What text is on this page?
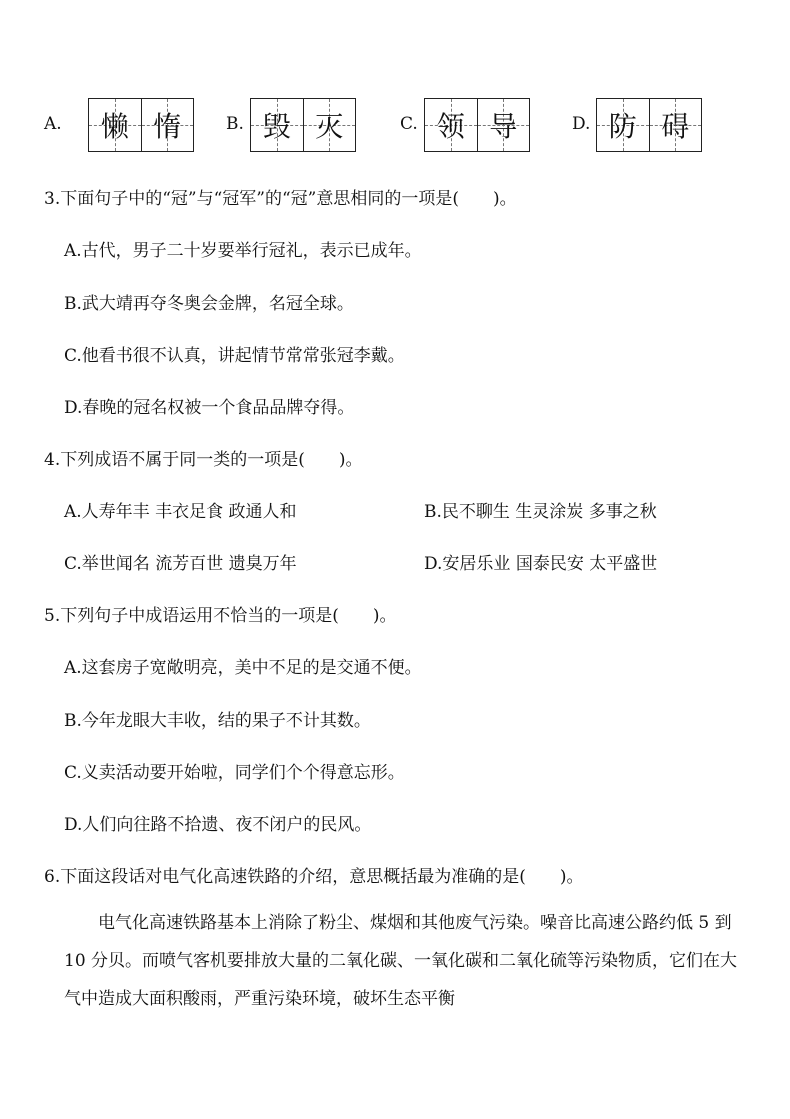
A. 懒 惰	B. 毁 灭	C. 领 导	D. 防 碍
3.下面句子中的“冠”与“冠军”的“冠”意思相同的一项是(　　)。
A.古代，男子二十岁要举行冠礼，表示已成年。
B.武大靖再夺冬奥会金牌，名冠全球。
C.他看书很不认真，讲起情节常常张冠李戴。
D.春晚的冠名权被一个食品品牌夺得。
4.下列成语不属于同一类的一项是(　　)。
A.人寿年丰 丰衣足食 政通人和	B.民不聊生 生灵涂炭 多事之秋
C.举世闻名 流芳百世 遗臭万年	D.安居乐业 国泰民安 太平盛世
5.下列句子中成语运用不恰当的一项是(　　)。
A.这套房子宽敞明亮，美中不足的是交通不便。
B.今年龙眼大丰收，结的果子不计其数。
C.义卖活动要开始啦，同学们个个得意忘形。
D.人们向往路不拾遗、夜不闭户的民风。
6.下面这段话对电气化高速铁路的介绍，意思概括最为准确的是(　　)。
　　电气化高速铁路基本上消除了粉尘、煤烟和其他废气污染。噪音比高速公路约低 5 到 10 分贝。而喷气客机要排放大量的二氧化碳、一氧化碳和二氧化硫等污染物质，它们在大气中造成大面积酸雨，严重污染环境，破坏生态平衡
